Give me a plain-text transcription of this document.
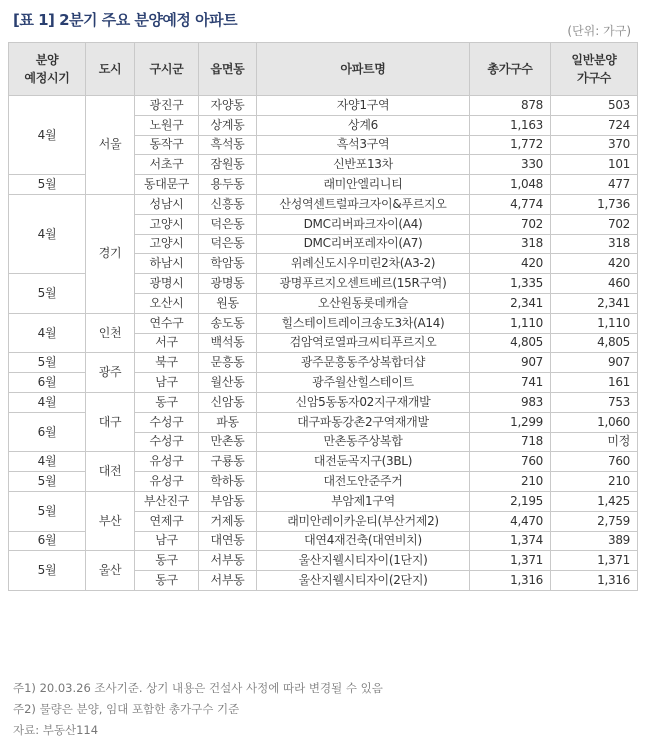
[표 1] 2분기 주요 분양예정 아파트
(단위: 가구)
분양
예정시기	도시	구시군	읍면동	아파트명	총가구수	일반분양
가구수
4월	서울	광진구	자양동	자양1구역	878	503
		노원구	상계동	상계6	1,163	724
		동작구	흑석동	흑석3구역	1,772	370
		서초구	잠원동	신반포13차	330	101
5월		동대문구	용두동	래미안엘리니티	1,048	477
4월	경기	성남시	신흥동	산성역센트럴파크자이&푸르지오	4,774	1,736
		고양시	덕은동	DMC리버파크자이(A4)	702	702
		고양시	덕은동	DMC리버포레자이(A7)	318	318
		하남시	학암동	위례신도시우미린2차(A3-2)	420	420
5월		광명시	광명동	광명푸르지오센트베르(15R구역)	1,335	460
		오산시	원동	오산원동롯데캐슬	2,341	2,341
4월	인천	연수구	송도동	힐스테이트레이크송도3차(A14)	1,110	1,110
		서구	백석동	검암역로열파크씨티푸르지오	4,805	4,805
5월	광주	북구	문흥동	광주문흥동주상복합더샵	907	907
6월		남구	월산동	광주월산힐스테이트	741	161
4월	대구	동구	신암동	신암5동동자02지구재개발	983	753
6월		수성구	파동	대구파동강촌2구역재개발	1,299	1,060
		수성구	만촌동	만촌동주상복합	718	미정
4월	대전	유성구	구룡동	대전둔곡지구(3BL)	760	760
5월		유성구	학하동	대전도안준주거	210	210
5월	부산	부산진구	부암동	부암제1구역	2,195	1,425
		연제구	거제동	래미안레이카운티(부산거제2)	4,470	2,759
6월		남구	대연동	대연4재건축(대연비치)	1,374	389
5월	울산	동구	서부동	울산지웰시티자이(1단지)	1,371	1,371
		동구	서부동	울산지웰시티자이(2단지)	1,316	1,316
주1) 20.03.26 조사기준. 상기 내용은 건설사 사정에 따라 변경될 수 있음
주2) 물량은 분양, 임대 포함한 총가구수 기준
자료: 부동산114
